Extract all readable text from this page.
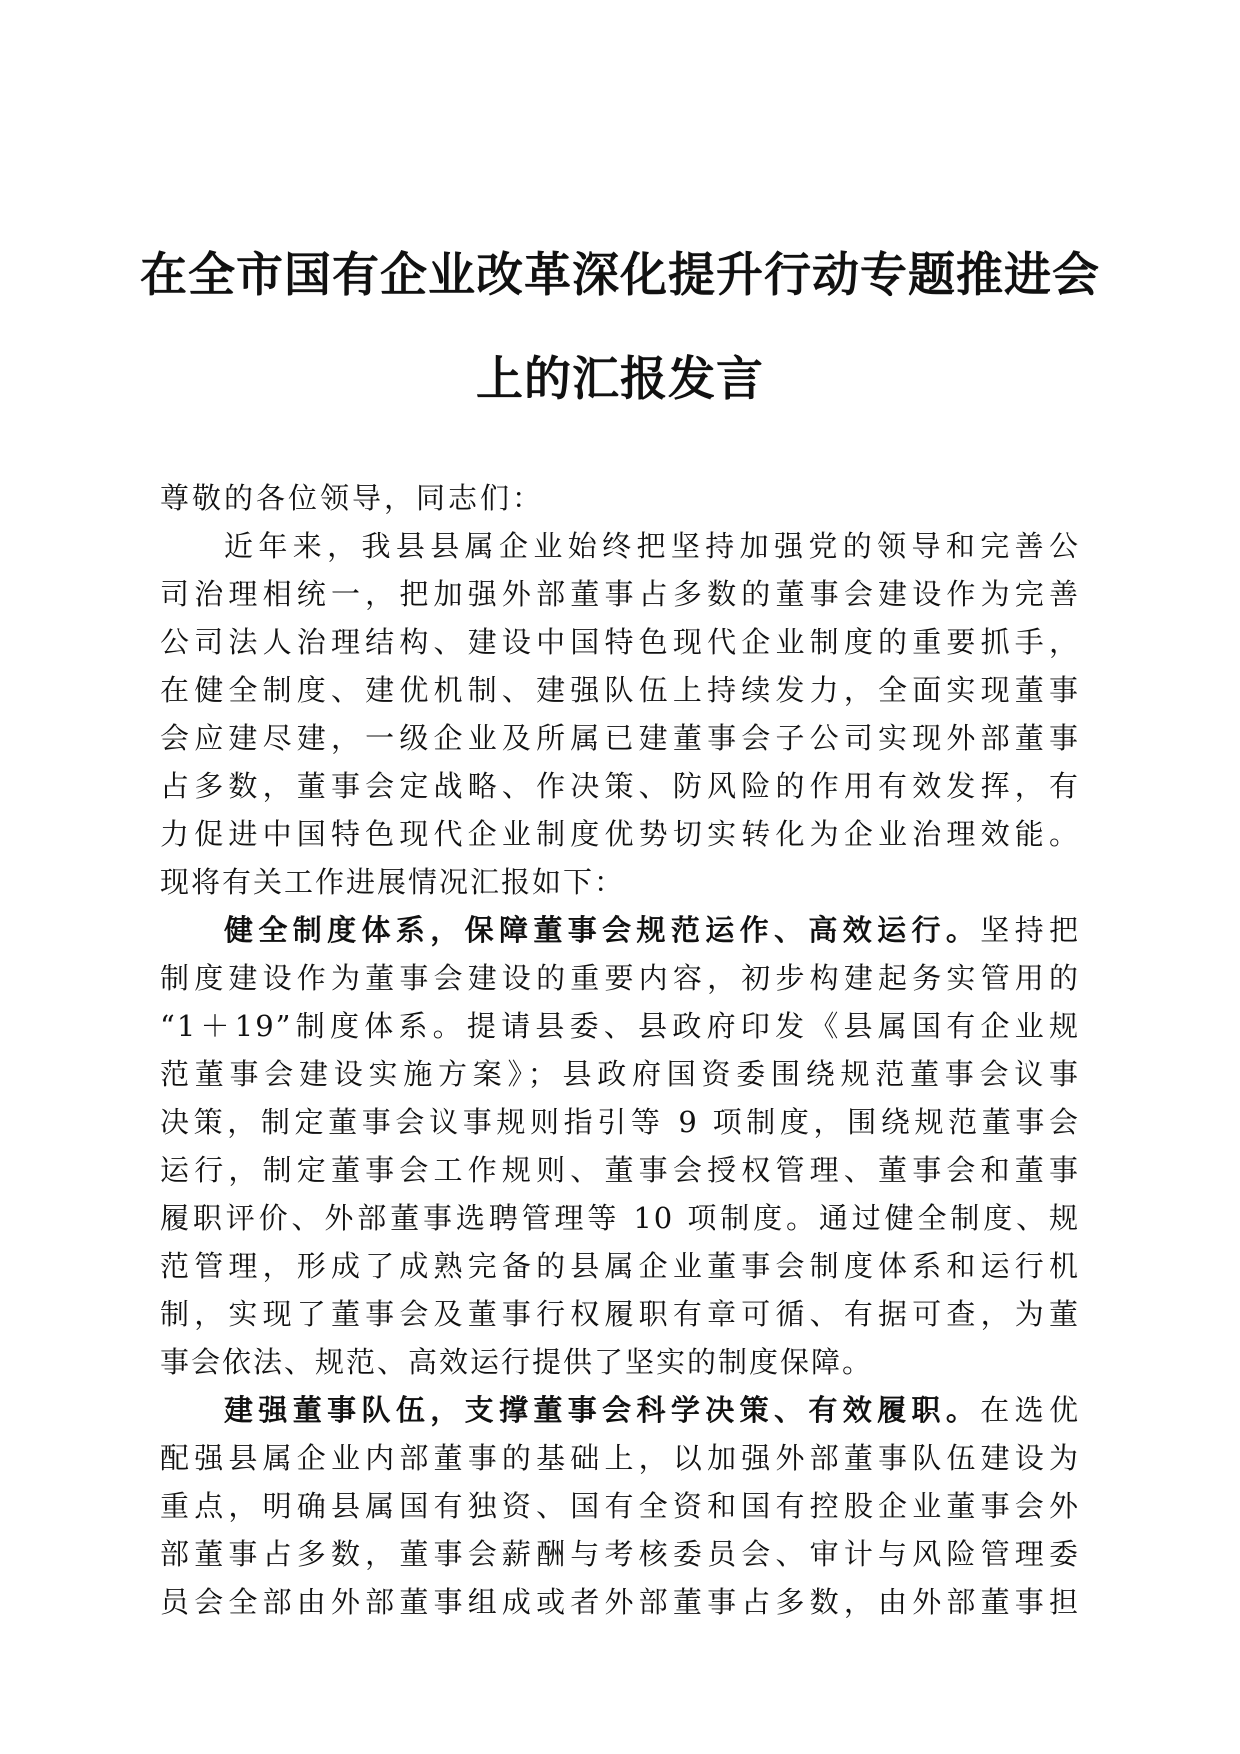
在全市国有企业改革深化提升行动专题推进会
上的汇报发言

尊敬的各位领导，同志们：

近年来，我县县属企业始终把坚持加强党的领导和完善公
司治理相统一，把加强外部董事占多数的董事会建设作为完善
公司法人治理结构、建设中国特色现代企业制度的重要抓手，
在健全制度、建优机制、建强队伍上持续发力，全面实现董事
会应建尽建，一级企业及所属已建董事会子公司实现外部董事
占多数，董事会定战略、作决策、防风险的作用有效发挥，有
力促进中国特色现代企业制度优势切实转化为企业治理效能。
现将有关工作进展情况汇报如下：

健全制度体系，保障董事会规范运作、高效运行。坚持把
制度建设作为董事会建设的重要内容，初步构建起务实管用的
“1＋19”制度体系。提请县委、县政府印发《县属国有企业规
范董事会建设实施方案》；县政府国资委围绕规范董事会议事
决策，制定董事会议事规则指引等 9 项制度，围绕规范董事会
运行，制定董事会工作规则、董事会授权管理、董事会和董事
履职评价、外部董事选聘管理等 10 项制度。通过健全制度、规
范管理，形成了成熟完备的县属企业董事会制度体系和运行机
制，实现了董事会及董事行权履职有章可循、有据可查，为董
事会依法、规范、高效运行提供了坚实的制度保障。

建强董事队伍，支撑董事会科学决策、有效履职。在选优
配强县属企业内部董事的基础上，以加强外部董事队伍建设为
重点，明确县属国有独资、国有全资和国有控股企业董事会外
部董事占多数，董事会薪酬与考核委员会、审计与风险管理委
员会全部由外部董事组成或者外部董事占多数，由外部董事担
